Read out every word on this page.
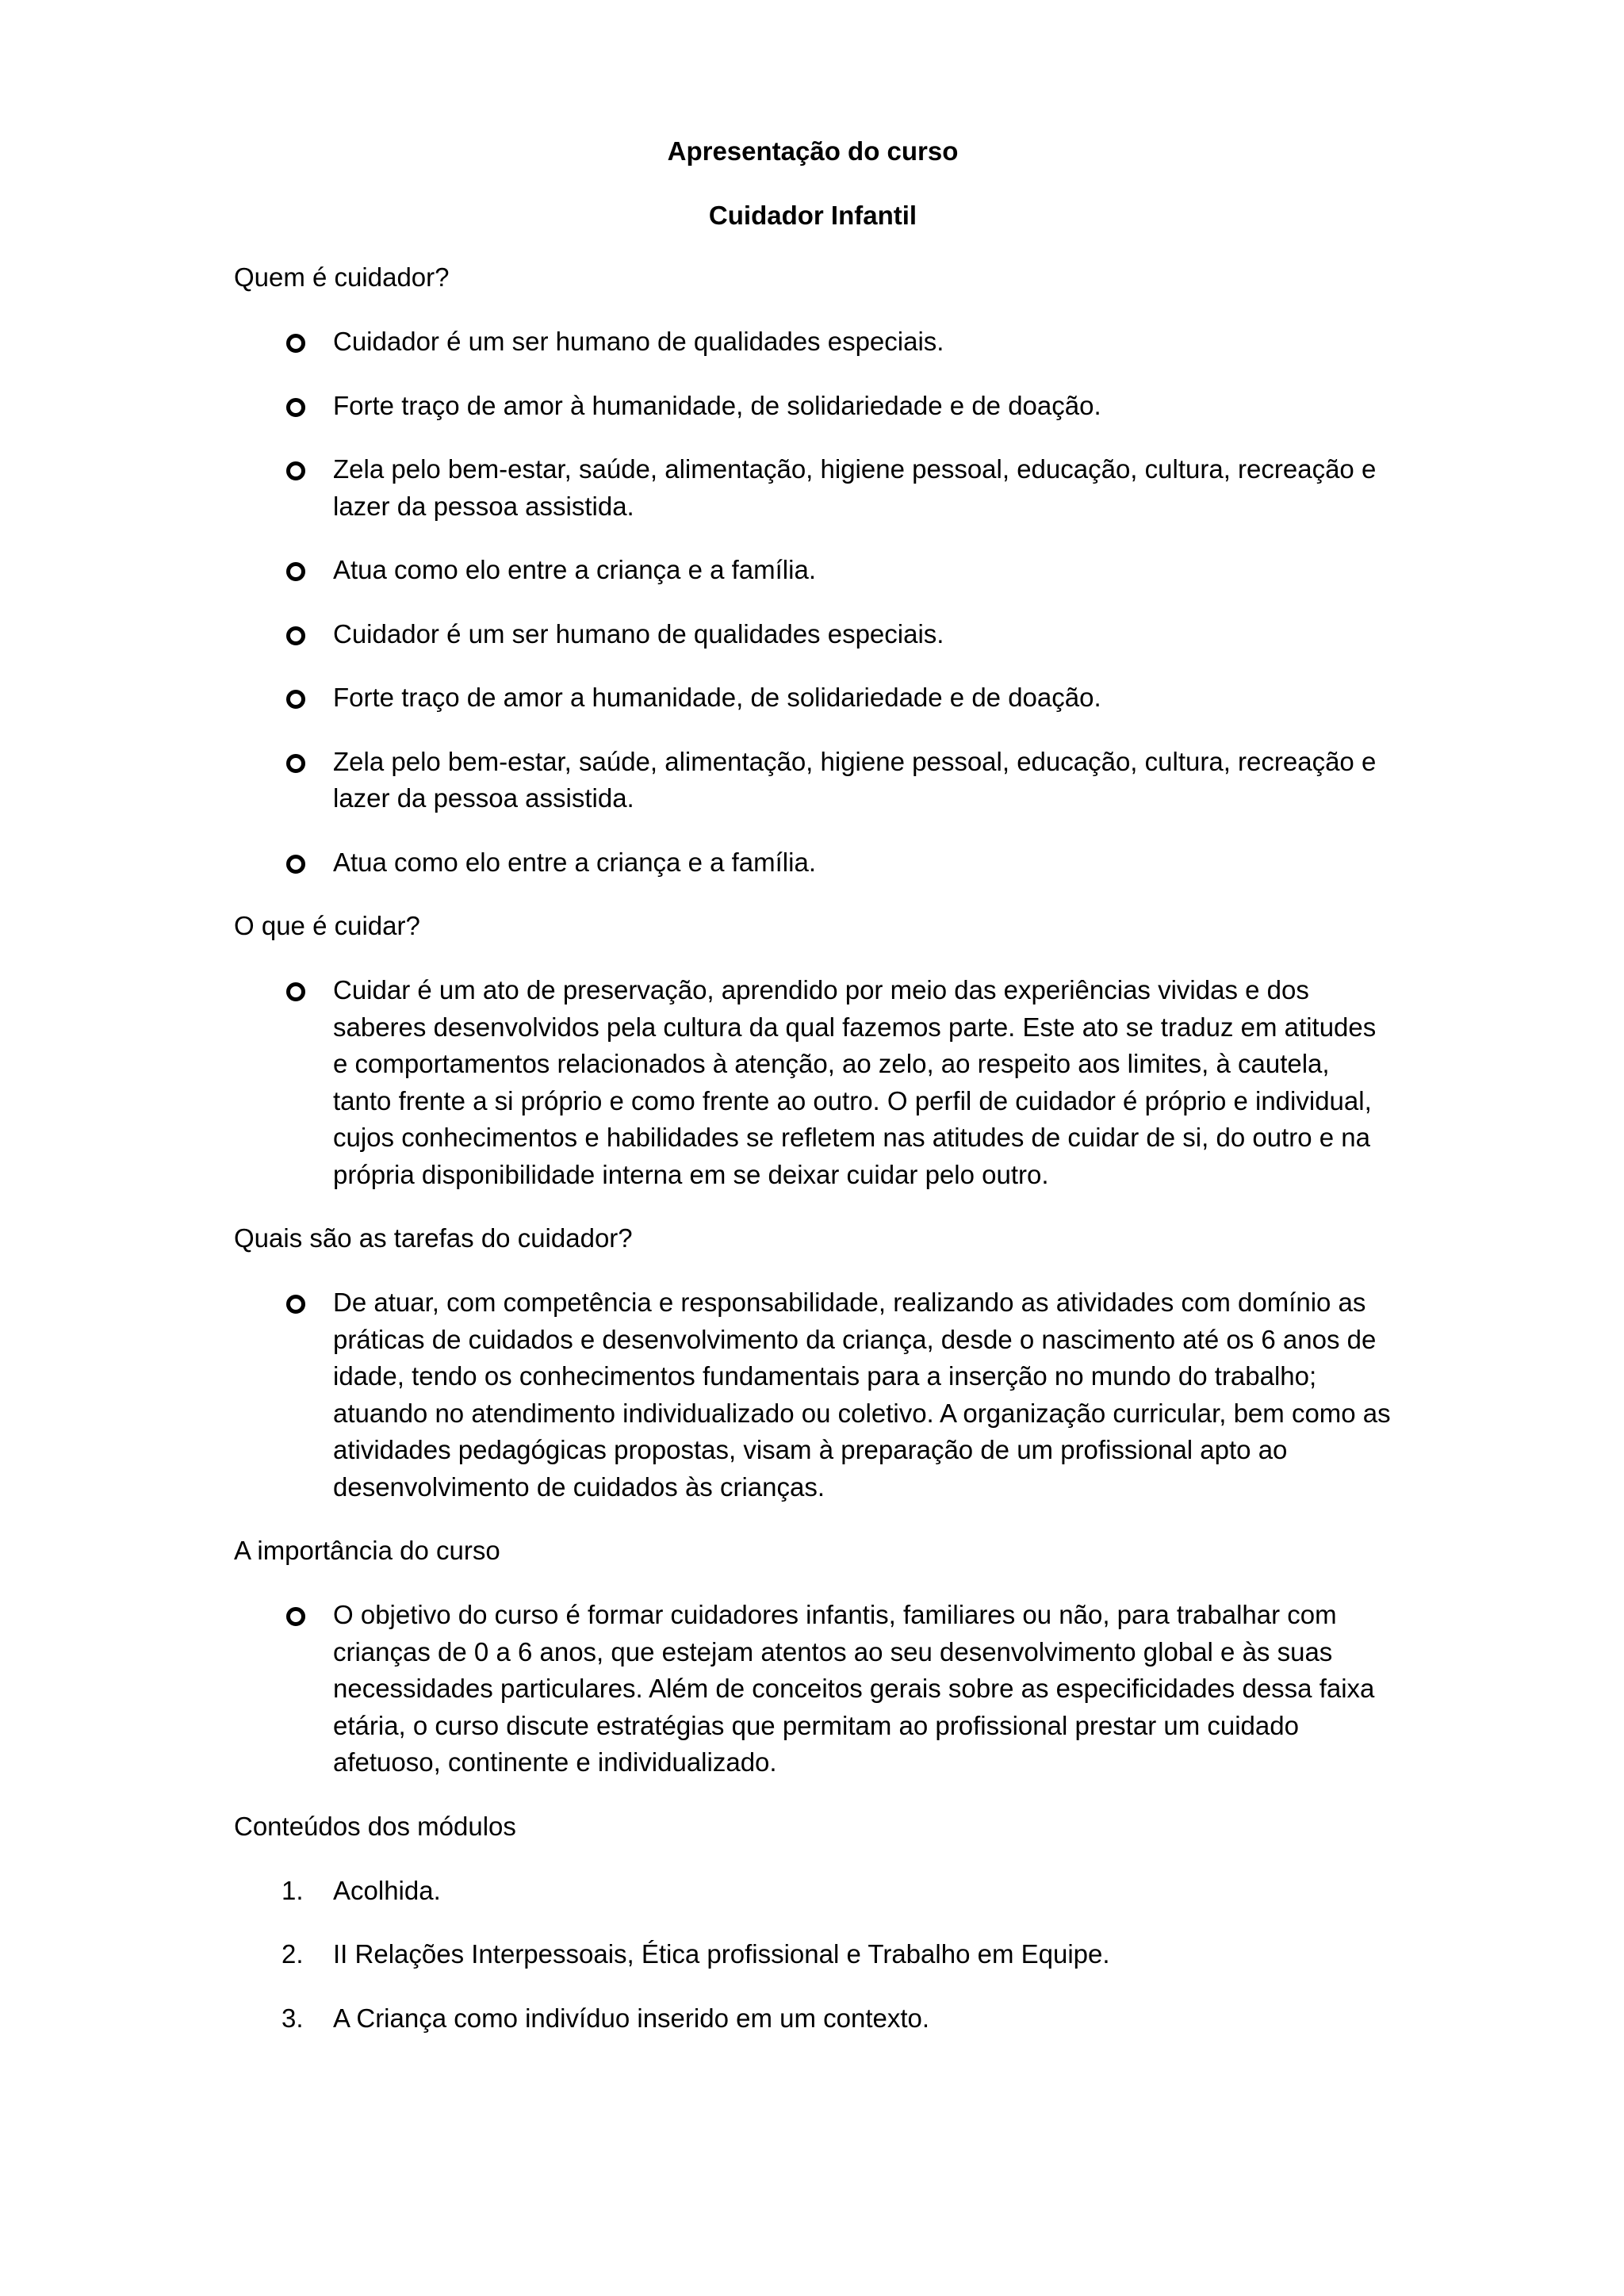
Apresentação do curso
Cuidador Infantil
Quem é cuidador?
Cuidador é um ser humano de qualidades especiais.
Forte traço de amor à humanidade, de solidariedade e de doação.
Zela pelo bem-estar, saúde, alimentação, higiene pessoal, educação, cultura, recreação e lazer da pessoa assistida.
Atua como elo entre a criança e a família.
Cuidador é um ser humano de qualidades especiais.
Forte traço de amor a humanidade, de solidariedade e de doação.
Zela pelo bem-estar, saúde, alimentação, higiene pessoal, educação, cultura, recreação e lazer da pessoa assistida.
Atua como elo entre a criança e a família.
O que é cuidar?
Cuidar é um ato de preservação, aprendido por meio das experiências vividas e dos saberes desenvolvidos pela cultura da qual fazemos parte. Este ato se traduz em atitudes e comportamentos relacionados à atenção, ao zelo, ao respeito aos limites, à cautela, tanto frente a si próprio e como frente ao outro. O perfil de cuidador é próprio e individual, cujos conhecimentos e habilidades se refletem nas atitudes de cuidar de si, do outro e na própria disponibilidade interna em se deixar cuidar pelo outro.
Quais são as tarefas do cuidador?
De atuar, com competência e responsabilidade, realizando as atividades com domínio as práticas de cuidados e desenvolvimento da criança, desde o nascimento até os 6 anos de idade, tendo os conhecimentos fundamentais para a inserção no mundo do trabalho; atuando no atendimento individualizado ou coletivo. A organização curricular, bem como as atividades pedagógicas propostas, visam à preparação de um profissional apto ao desenvolvimento de cuidados às crianças.
A importância do curso
O objetivo do curso é formar cuidadores infantis, familiares ou não, para trabalhar com crianças de 0 a 6 anos, que estejam atentos ao seu desenvolvimento global e às suas necessidades particulares. Além de conceitos gerais sobre as especificidades dessa faixa etária, o curso discute estratégias que permitam ao profissional prestar um cuidado afetuoso, continente e individualizado.
Conteúdos dos módulos
1.	Acolhida.
2.	II Relações Interpessoais, Ética profissional e Trabalho em Equipe.
3.	A Criança como indivíduo inserido em um contexto.
